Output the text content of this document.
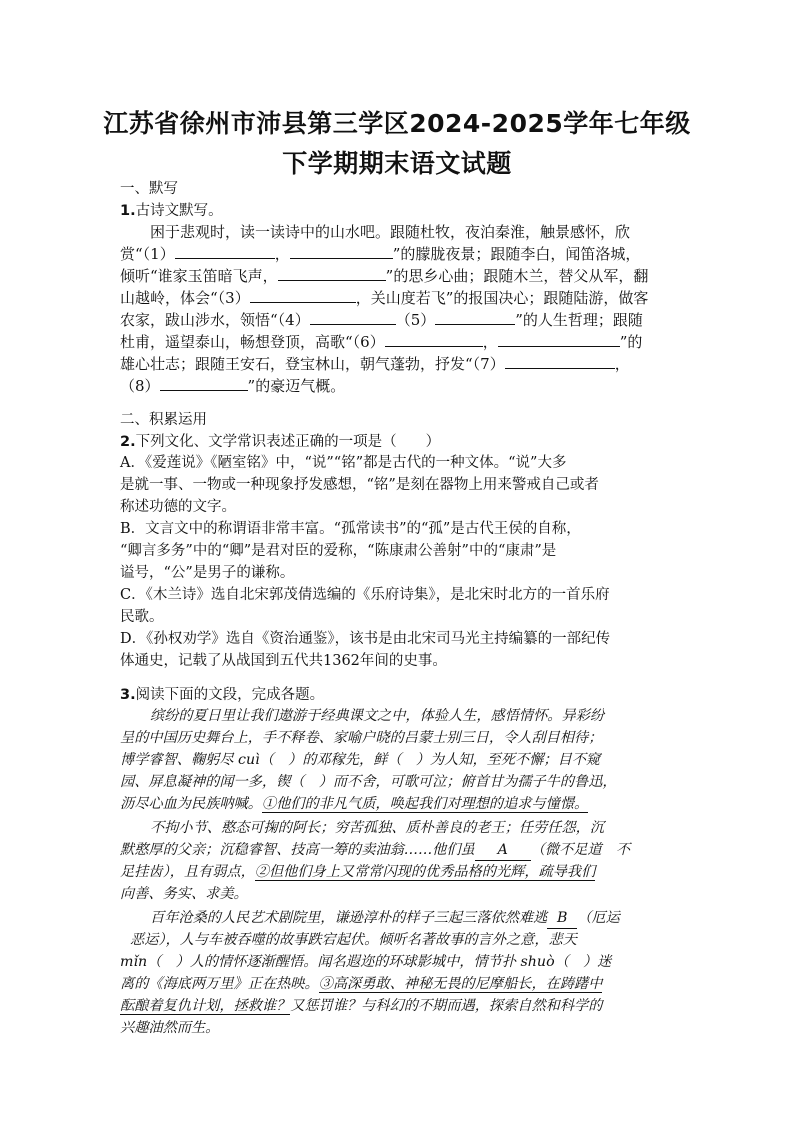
江苏省徐州市沛县第三学区2024-2025学年七年级
下学期期末语文试题
一、默写
1.古诗文默写。
困于悲观时，读一读诗中的山水吧。跟随杜牧，夜泊秦淮，触景感怀，欣
赏“（1）	，	”的朦胧夜景；跟随李白，闻笛洛城，
倾听“谁家玉笛暗飞声，	”的思乡心曲；跟随木兰，替父从军，翻
山越岭，体会“（3）	，关山度若飞”的报国决心；跟随陆游，做客
农家，跋山涉水，领悟“（4）	（5）	”的人生哲理；跟随
杜甫，遥望泰山，畅想登顶，高歌“（6）	，	”的
雄心壮志；跟随王安石，登宝林山，朝气蓬勃，抒发“（7）	，
（8）	”的豪迈气概。
二、积累运用
2.下列文化、文学常识表述正确的一项是（　　）
A．《爱莲说》《陋室铭》中，“说”“铭”都是古代的一种文体。“说”大多
是就一事、一物或一种现象抒发感想，“铭”是刻在器物上用来警戒自己或者
称述功德的文字。
B．文言文中的称谓语非常丰富。“孤常读书”的“孤”是古代王侯的自称，
“卿言多务”中的“卿”是君对臣的爱称，“陈康肃公善射”中的“康肃”是
谥号，“公”是男子的谦称。
C．《木兰诗》选自北宋郭茂倩选编的《乐府诗集》，是北宋时北方的一首乐府
民歌。
D．《孙权劝学》选自《资治通鉴》，该书是由北宋司马光主持编纂的一部纪传
体通史，记载了从战国到五代共1362年间的史事。
3.阅读下面的文段，完成各题。
缤纷的夏日里让我们遨游于经典课文之中，体验人生，感悟情怀。异彩纷
呈的中国历史舞台上，手不释卷、家喻户晓的吕蒙士别三日，令人刮目相待；
博学睿智、鞠躬尽 cuì（　）的邓稼先，鲜（　）为人知，至死不懈；目不窥
园、屏息凝神的闻一多，锲（　）而不舍，可歌可泣；俯首甘为孺子牛的鲁迅，
沥尽心血为民族呐喊。①他们的非凡气质，唤起我们对理想的追求与憧憬。
不拘小节、憨态可掬的阿长；穷苦孤独、质朴善良的老王；任劳任怨，沉
默憨厚的父亲；沉稳睿智、技高一筹的卖油翁……他们虽 A （微不足道　不
足挂齿），且有弱点，②但他们身上又常常闪现的优秀品格的光辉，疏导我们
向善、务实、求美。
百年沧桑的人民艺术剧院里，谦逊淳朴的样子三起三落依然难逃 B （厄运
恶运），人与车被吞噬的故事跌宕起伏。倾听名著故事的言外之意，悲天
mǐn（　）人的情怀逐渐醒悟。闻名遐迩的环球影城中，情节扑 shuò（　）迷
离的《海底两万里》正在热映。③高深勇敢、神秘无畏的尼摩船长，在踌躇中
酝酿着复仇计划，拯救谁？又惩罚谁？与科幻的不期而遇，探索自然和科学的
兴趣油然而生。
